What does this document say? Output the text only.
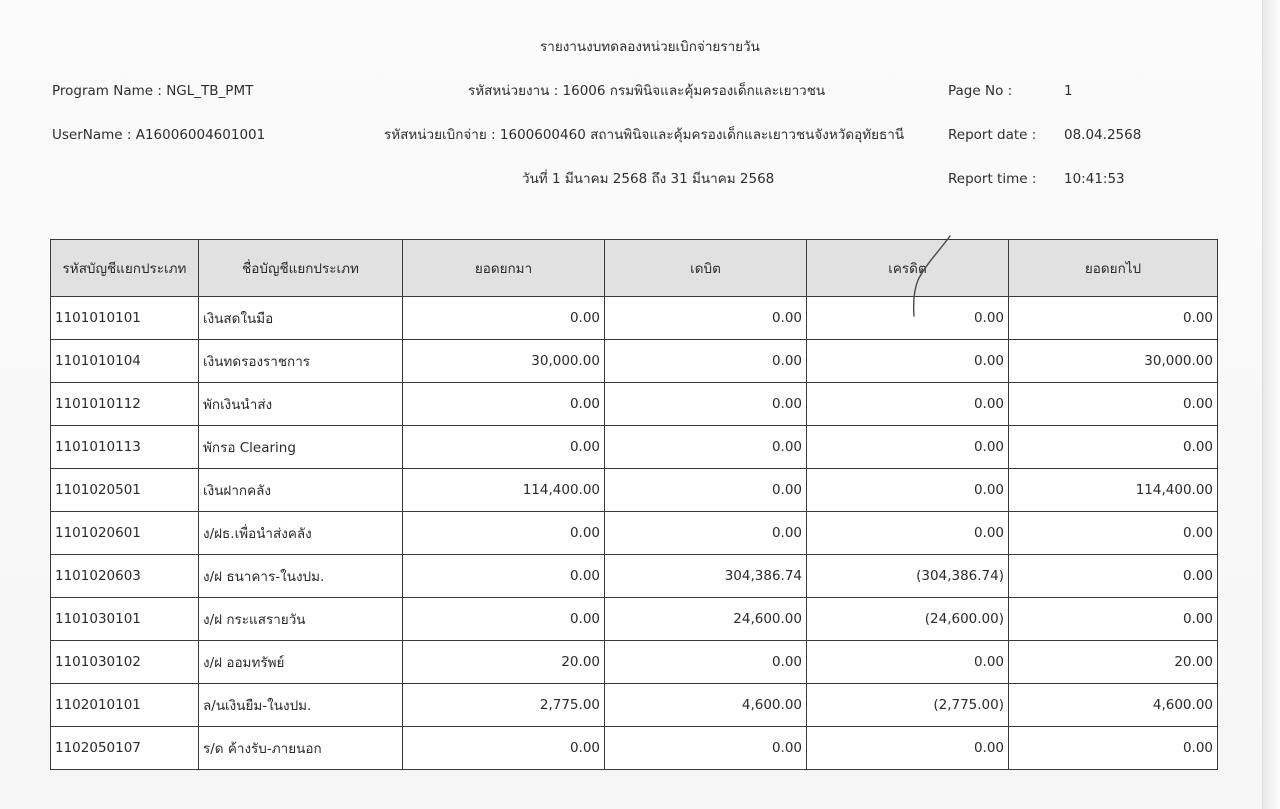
รายงานงบทดลองหน่วยเบิกจ่ายรายวัน
Program Name : NGL_TB_PMT
UserName : A16006004601001
รหัสหน่วยงาน : 16006 กรมพินิจและคุ้มครองเด็กและเยาวชน
รหัสหน่วยเบิกจ่าย : 1600600460 สถานพินิจและคุ้มครองเด็กและเยาวชนจังหวัดอุทัยธานี
วันที่ 1 มีนาคม 2568 ถึง 31 มีนาคม 2568
Page No :	1
Report date : 08.04.2568
Report time : 10:41:53
รหัสบัญชีแยกประเภท	ชื่อบัญชีแยกประเภท	ยอดยกมา	เดบิต	เครดิต	ยอดยกไป
1101010101	เงินสดในมือ	0.00	0.00	0.00	0.00
1101010104	เงินทดรองราชการ	30,000.00	0.00	0.00	30,000.00
1101010112	พักเงินนำส่ง	0.00	0.00	0.00	0.00
1101010113	พักรอ Clearing	0.00	0.00	0.00	0.00
1101020501	เงินฝากคลัง	114,400.00	0.00	0.00	114,400.00
1101020601	ง/ฝธ.เพื่อนำส่งคลัง	0.00	0.00	0.00	0.00
1101020603	ง/ฝ ธนาคาร-ในงปม.	0.00	304,386.74	(304,386.74)	0.00
1101030101	ง/ฝ กระแสรายวัน	0.00	24,600.00	(24,600.00)	0.00
1101030102	ง/ฝ ออมทรัพย์	20.00	0.00	0.00	20.00
1102010101	ล/นเงินยืม-ในงปม.	2,775.00	4,600.00	(2,775.00)	4,600.00
1102050107	ร/ด ค้างรับ-ภายนอก	0.00	0.00	0.00	0.00
